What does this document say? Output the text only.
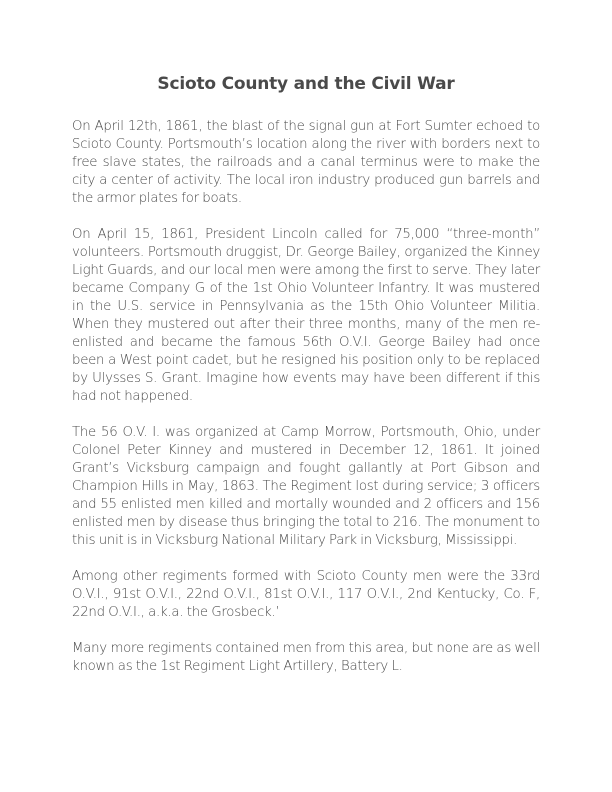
Scioto County and the Civil War

On April 12th, 1861, the blast of the signal gun at Fort Sumter echoed to Scioto County. Portsmouth’s location along the river with borders next to free slave states, the railroads and a canal terminus were to make the city a center of activity. The local iron industry produced gun barrels and the armor plates for boats.

On April 15, 1861, President Lincoln called for 75,000 “three-month” volunteers. Portsmouth druggist, Dr. George Bailey, organized the Kinney Light Guards, and our local men were among the first to serve. They later became Company G of the 1st Ohio Volunteer Infantry. It was mustered in the U.S. service in Pennsylvania as the 15th Ohio Volunteer Militia. When they mustered out after their three months, many of the men re-enlisted and became the famous 56th O.V.I. George Bailey had once been a West point cadet, but he resigned his position only to be replaced by Ulysses S. Grant. Imagine how events may have been different if this had not happened.

The 56 O.V. I. was organized at Camp Morrow, Portsmouth, Ohio, under Colonel Peter Kinney and mustered in December 12, 1861. It joined Grant’s Vicksburg campaign and fought gallantly at Port Gibson and Champion Hills in May, 1863. The Regiment lost during service; 3 officers and 55 enlisted men killed and mortally wounded and 2 officers and 156 enlisted men by disease thus bringing the total to 216. The monument to this unit is in Vicksburg National Military Park in Vicksburg, Mississippi.

Among other regiments formed with Scioto County men were the 33rd O.V.I., 91st O.V.I., 22nd O.V.I., 81st O.V.I., 117 O.V.I., 2nd Kentucky, Co. F, 22nd O.V.I., a.k.a. the Grosbeck.’

Many more regiments contained men from this area, but none are as well known as the 1st Regiment Light Artillery, Battery L.
